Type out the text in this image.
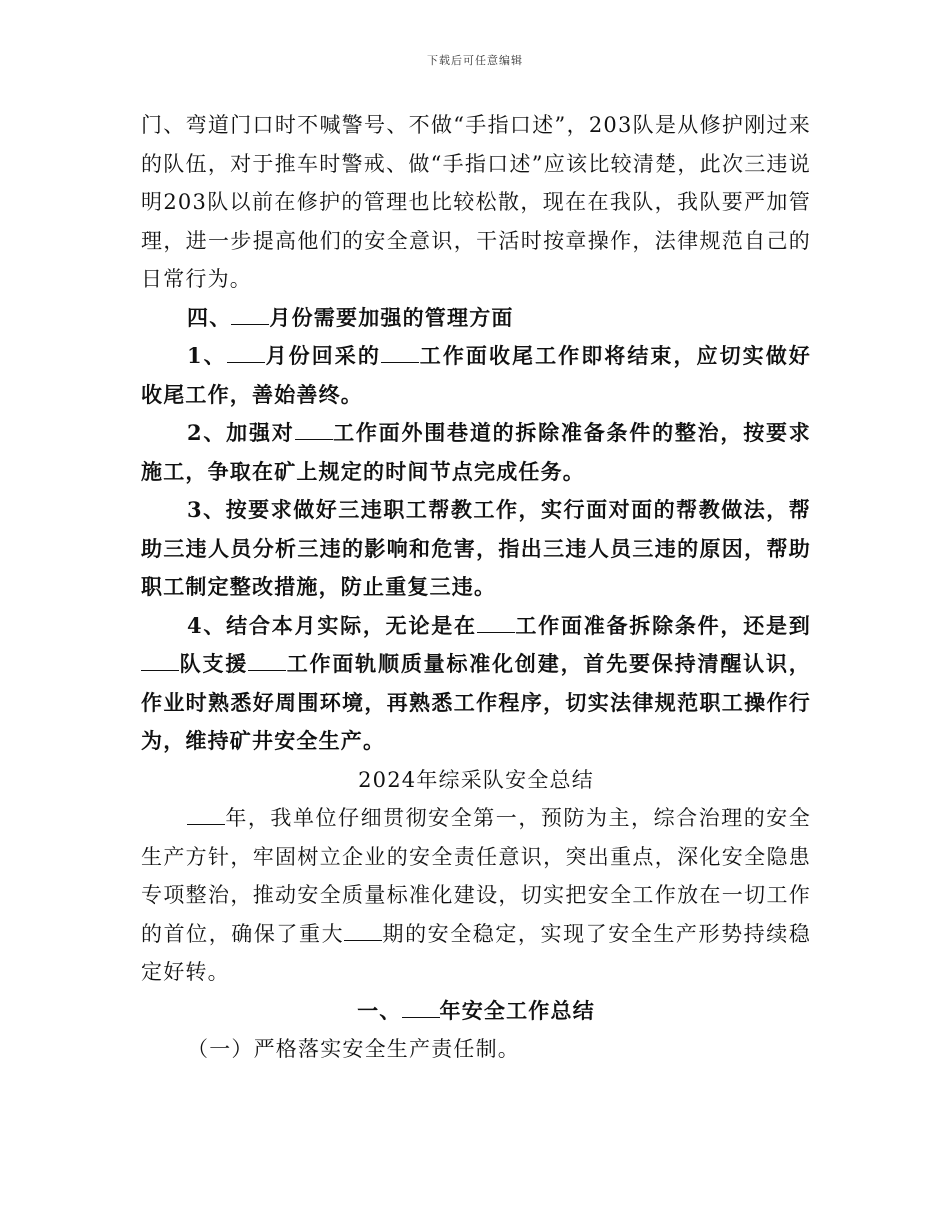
下载后可任意编辑

门、弯道门口时不喊警号、不做“手指口述”，203队是从修护刚过来的队伍，对于推车时警戒、做“手指口述”应该比较清楚，此次三违说明203队以前在修护的管理也比较松散，现在在我队，我队要严加管理，进一步提高他们的安全意识，干活时按章操作，法律规范自己的日常行为。

四、 月份需要加强的管理方面

1、 月份回采的 工作面收尾工作即将结束，应切实做好收尾工作，善始善终。

2、加强对 工作面外围巷道的拆除准备条件的整治，按要求施工，争取在矿上规定的时间节点完成任务。

3、按要求做好三违职工帮教工作，实行面对面的帮教做法，帮助三违人员分析三违的影响和危害，指出三违人员三违的原因，帮助职工制定整改措施，防止重复三违。

4、结合本月实际，无论是在 工作面准备拆除条件，还是到队支援 工作面轨顺质量标准化创建，首先要保持清醒认识，作业时熟悉好周围环境，再熟悉工作程序，切实法律规范职工操作行为，维持矿井安全生产。

2024年综采队安全总结

年，我单位仔细贯彻安全第一，预防为主，综合治理的安全生产方针，牢固树立企业的安全责任意识，突出重点，深化安全隐患专项整治，推动安全质量标准化建设，切实把安全工作放在一切工作的首位，确保了重大 期的安全稳定，实现了安全生产形势持续稳定好转。

一、 年安全工作总结

（一）严格落实安全生产责任制。
